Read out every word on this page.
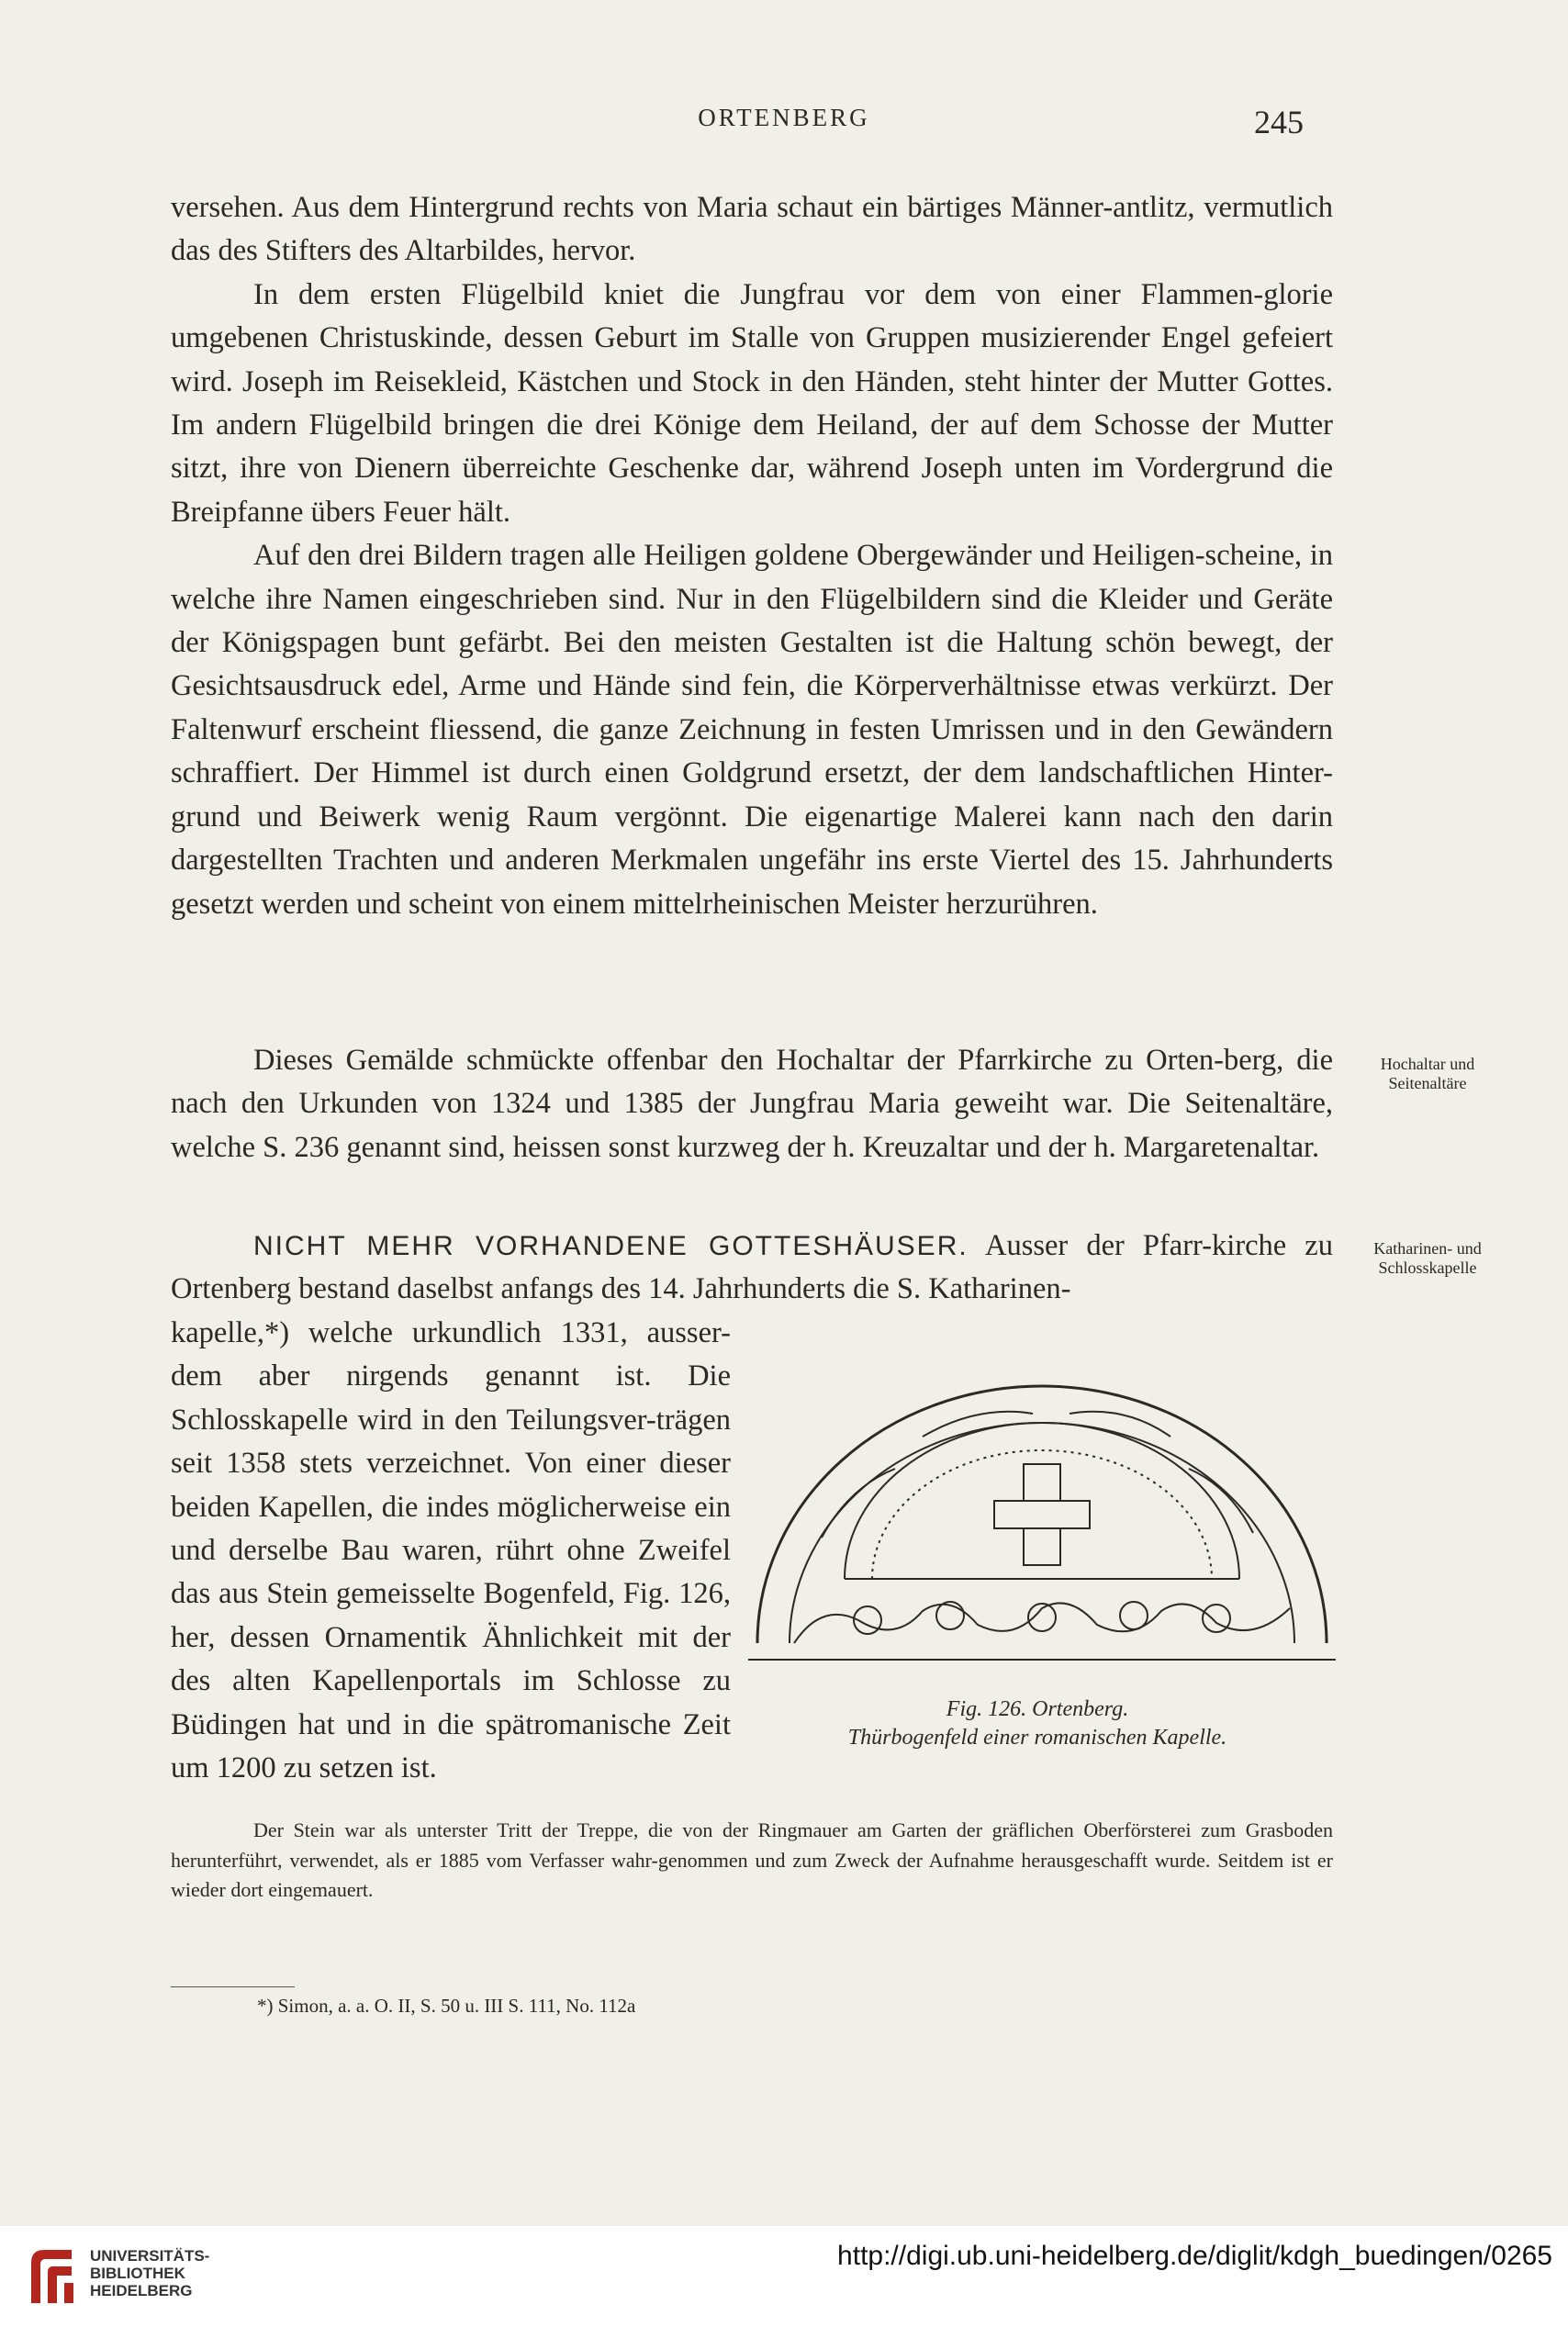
ORTENBERG	245

versehen. Aus dem Hintergrund rechts von Maria schaut ein bärtiges Männer-antlitz, vermutlich das des Stifters des Altarbildes, hervor.

In dem ersten Flügelbild kniet die Jungfrau vor dem von einer Flammen-glorie umgebenen Christuskinde, dessen Geburt im Stalle von Gruppen musizierender Engel gefeiert wird. Joseph im Reisekleid, Kästchen und Stock in den Händen, steht hinter der Mutter Gottes. Im andern Flügelbild bringen die drei Könige dem Heiland, der auf dem Schosse der Mutter sitzt, ihre von Dienern überreichte Geschenke dar, während Joseph unten im Vordergrund die Breipfanne übers Feuer hält.

Auf den drei Bildern tragen alle Heiligen goldene Obergewänder und Heiligen-scheine, in welche ihre Namen eingeschrieben sind. Nur in den Flügelbildern sind die Kleider und Geräte der Königspagen bunt gefärbt. Bei den meisten Gestalten ist die Haltung schön bewegt, der Gesichtsausdruck edel, Arme und Hände sind fein, die Körperverhältnisse etwas verkürzt. Der Faltenwurf erscheint fliessend, die ganze Zeichnung in festen Umrissen und in den Gewändern schraffiert. Der Himmel ist durch einen Goldgrund ersetzt, der dem landschaftlichen Hinter-grund und Beiwerk wenig Raum vergönnt. Die eigenartige Malerei kann nach den darin dargestellten Trachten und anderen Merkmalen ungefähr ins erste Viertel des 15. Jahrhunderts gesetzt werden und scheint von einem mittelrheinischen Meister herzurühren.

Dieses Gemälde schmückte offenbar den Hochaltar der Pfarrkirche zu Orten-berg, die nach den Urkunden von 1324 und 1385 der Jungfrau Maria geweiht war. Die Seitenaltäre, welche S. 236 genannt sind, heissen sonst kurzweg der h. Kreuzaltar und der h. Margaretenaltar.

Hochaltar und Seitenaltäre
Katharinen- und Schlosskapelle

NICHT MEHR VORHANDENE GOTTESHÄUSER. Ausser der Pfarr-kirche zu Ortenberg bestand daselbst anfangs des 14. Jahrhunderts die S. Katharinen-

kapelle,*) welche urkundlich 1331, ausser-dem aber nirgends genannt ist. Die Schlosskapelle wird in den Teilungsver-trägen seit 1358 stets verzeichnet. Von einer dieser beiden Kapellen, die indes möglicherweise ein und derselbe Bau waren, rührt ohne Zweifel das aus Stein gemeisselte Bogenfeld, Fig. 126, her, dessen Ornamentik Ähnlichkeit mit der des alten Kapellenportals im Schlosse zu Büdingen hat und in die spätromanische Zeit um 1200 zu setzen ist.
Fig. 126. Ortenberg.
Thürbogenfeld einer romanischen Kapelle.
Der Stein war als unterster Tritt der Treppe, die von der Ringmauer am Garten der gräflichen Oberförsterei zum Grasboden herunterführt, verwendet, als er 1885 vom Verfasser wahr-genommen und zum Zweck der Aufnahme herausgeschafft wurde. Seitdem ist er wieder dort eingemauert.
*) Simon, a. a. O. II, S. 50 u. III S. 111, No. 112a
UNIVERSITÄTS-
BIBLIOTHEK
HEIDELBERG
http://digi.ub.uni-heidelberg.de/diglit/kdgh_buedingen/0265
